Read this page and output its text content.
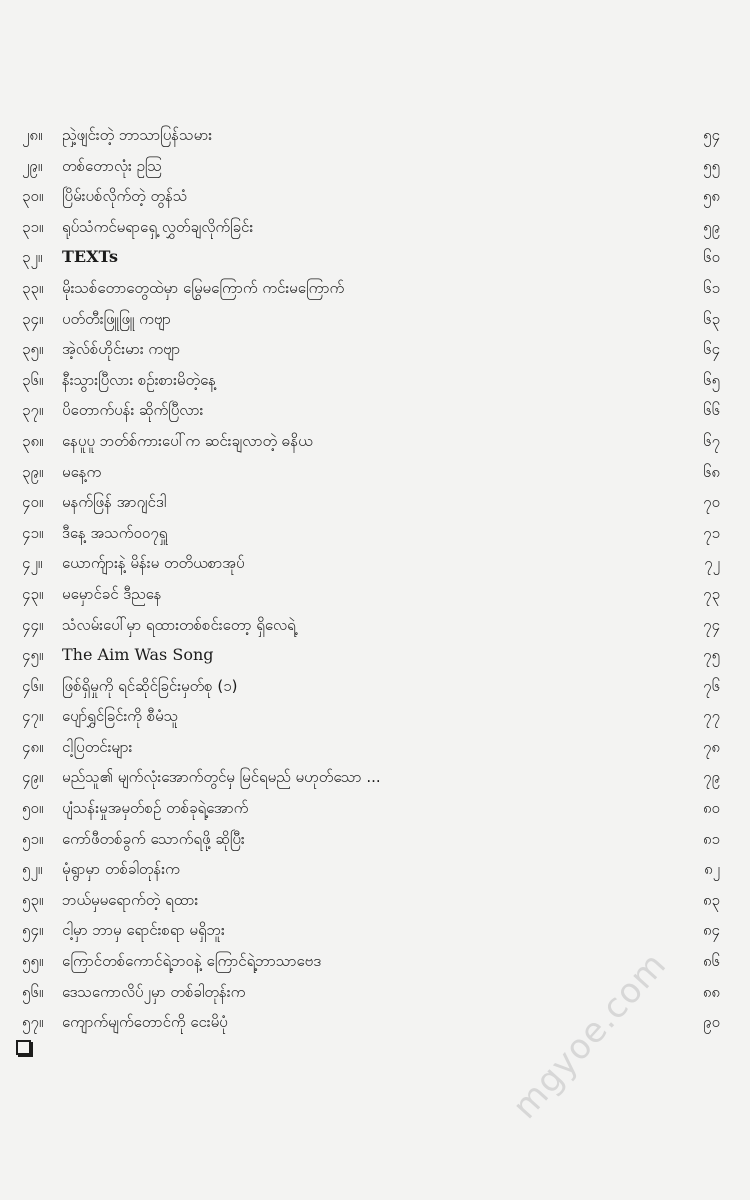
၂၈။	ညှဲ့ဖျင်းတဲ့ ဘာသာပြန်သမား	၅၄
၂၉။	တစ်တောလုံး ဥဩ	၅၅
၃၀။	ပြိမ်းပစ်လိုက်တဲ့ တွန်သံ	၅၈
၃၁။	ရုပ်သံကင်မရာရှေ့ လွှတ်ချလိုက်ခြင်း	၅၉
၃၂။	TEXTs	၆၀
၃၃။	မိုးသစ်တောတွေထဲမှာ မြွေမကြောက် ကင်းမကြောက်	၆၁
၃၄။	ပတ်တီးဖြူဖြူ ကဗျာ	၆၃
၃၅။	အဲ့လ်စ်ဟိုင်းမား ကဗျာ	၆၄
၃၆။	နီးသွားပြီလား စဉ်းစားမိတဲ့နေ့	၆၅
၃၇။	ပိတောက်ပန်း ဆိုက်ပြီလား	၆၆
၃၈။	နေပူပူ ဘတ်စ်ကားပေါ်က ဆင်းချလာတဲ့ ဓနိယ	၆၇
၃၉။	မနေ့က	၆၈
၄၀။	မနက်ဖြန် အာဂျင်ဒါ	၇၀
၄၁။	ဒီနေ့ အသက်၀၀၇ရှူ	၇၁
၄၂။	ယောက်ျားနဲ့ မိန်းမ တတိယစာအုပ်	၇၂
၄၃။	မမှောင်ခင် ဒီညနေ	၇၃
၄၄။	သံလမ်းပေါ်မှာ ရထားတစ်စင်းတော့ ရှိလေရဲ့	၇၄
၄၅။	The Aim Was Song	၇၅
၄၆။	ဖြစ်ရှိမှုကို ရင်ဆိုင်ခြင်းမှတ်စု (၁)	၇၆
၄၇။	ပျော်ရွှင်ခြင်းကို စီမံသူ	၇၇
၄၈။	ငါ့ပြတင်းများ	၇၈
၄၉။	မည်သူ၏ မျက်လုံးအောက်တွင်မှ မြင်ရမည် မဟုတ်သော ...	၇၉
၅၀။	ပျံသန်းမှုအမှတ်စဉ် တစ်ခုရဲ့အောက်	၈၀
၅၁။	ကော်ဖီတစ်ခွက် သောက်ရဖို့ ဆိုပြီး	၈၁
၅၂။	မုံရွာမှာ တစ်ခါတုန်းက	၈၂
၅၃။	ဘယ်မှမရောက်တဲ့ ရထား	၈၃
၅၄။	ငါ့မှာ ဘာမှ ရောင်းစရာ မရှိဘူး	၈၄
၅၅။	ကြောင်တစ်ကောင်ရဲ့ဘဝနဲ့ ကြောင်ရဲ့ဘာသာဗေဒ	၈၆
၅၆။	ဒေသကောလိပ်၂မှာ တစ်ခါတုန်းက	၈၈
၅၇။	ကျောက်မျက်တောင်ကို ငေးမိပုံ	၉၀
mgyoe.com
